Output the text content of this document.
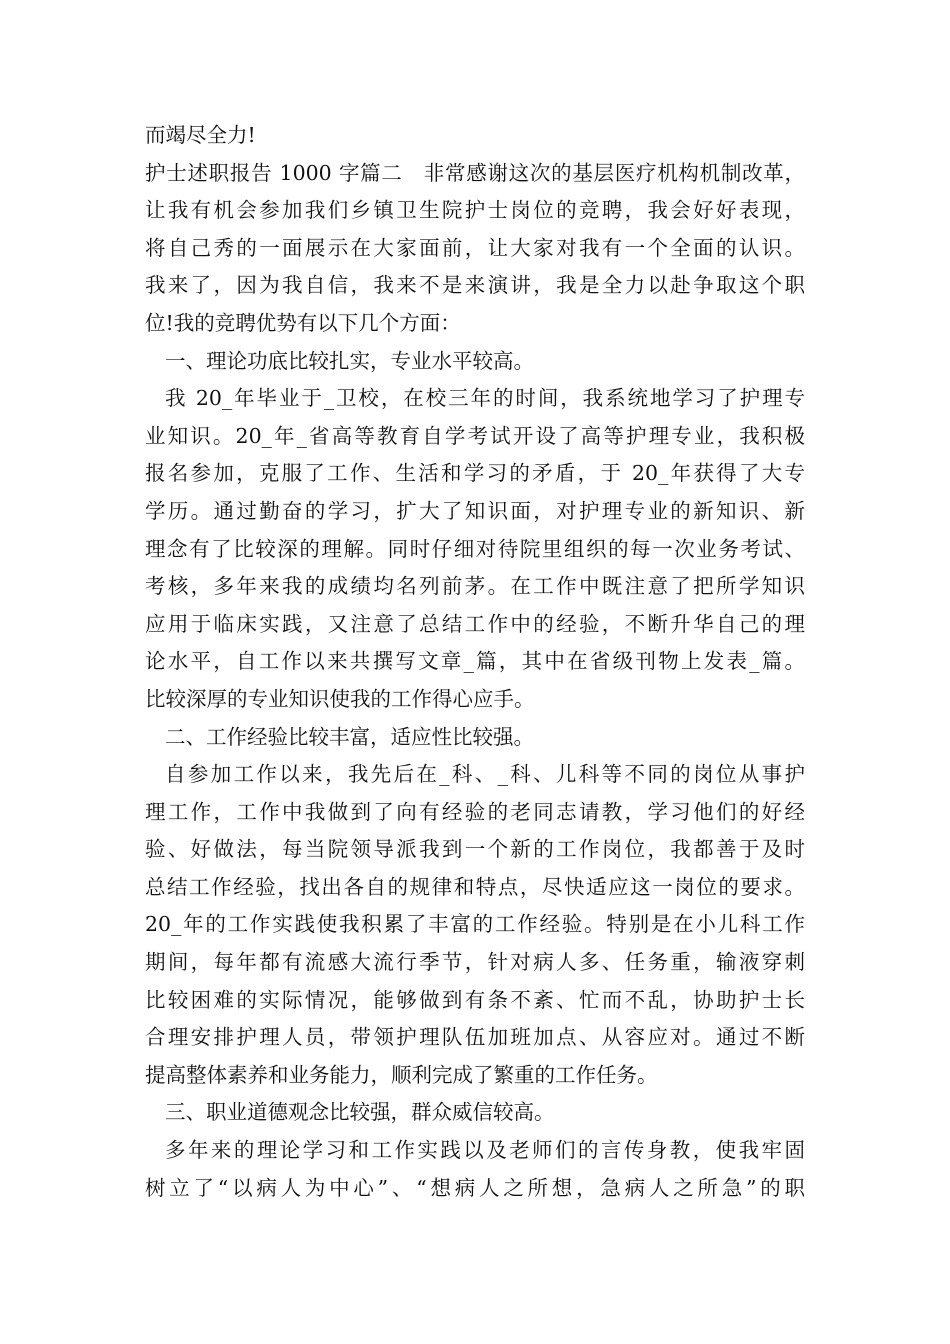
而竭尽全力!
护士述职报告 1000 字篇二　非常感谢这次的基层医疗机构机制改革，
让我有机会参加我们乡镇卫生院护士岗位的竞聘，我会好好表现，
将自己秀的一面展示在大家面前，让大家对我有一个全面的认识。
我来了，因为我自信，我来不是来演讲，我是全力以赴争取这个职
位!我的竞聘优势有以下几个方面：
一、理论功底比较扎实，专业水平较高。
我 20_年毕业于_卫校，在校三年的时间，我系统地学习了护理专
业知识。20_年_省高等教育自学考试开设了高等护理专业，我积极
报名参加，克服了工作、生活和学习的矛盾，于 20_年获得了大专
学历。通过勤奋的学习，扩大了知识面，对护理专业的新知识、新
理念有了比较深的理解。同时仔细对待院里组织的每一次业务考试、
考核，多年来我的成绩均名列前茅。在工作中既注意了把所学知识
应用于临床实践，又注意了总结工作中的经验，不断升华自己的理
论水平，自工作以来共撰写文章_篇，其中在省级刊物上发表_篇。
比较深厚的专业知识使我的工作得心应手。
二、工作经验比较丰富，适应性比较强。
自参加工作以来，我先后在_科、_科、儿科等不同的岗位从事护
理工作，工作中我做到了向有经验的老同志请教，学习他们的好经
验、好做法，每当院领导派我到一个新的工作岗位，我都善于及时
总结工作经验，找出各自的规律和特点，尽快适应这一岗位的要求。
20_年的工作实践使我积累了丰富的工作经验。特别是在小儿科工作
期间，每年都有流感大流行季节，针对病人多、任务重，输液穿刺
比较困难的实际情况，能够做到有条不紊、忙而不乱，协助护士长
合理安排护理人员，带领护理队伍加班加点、从容应对。通过不断
提高整体素养和业务能力，顺利完成了繁重的工作任务。
三、职业道德观念比较强，群众威信较高。
多年来的理论学习和工作实践以及老师们的言传身教，使我牢固
树立了“以病人为中心”、“想病人之所想，急病人之所急”的职
